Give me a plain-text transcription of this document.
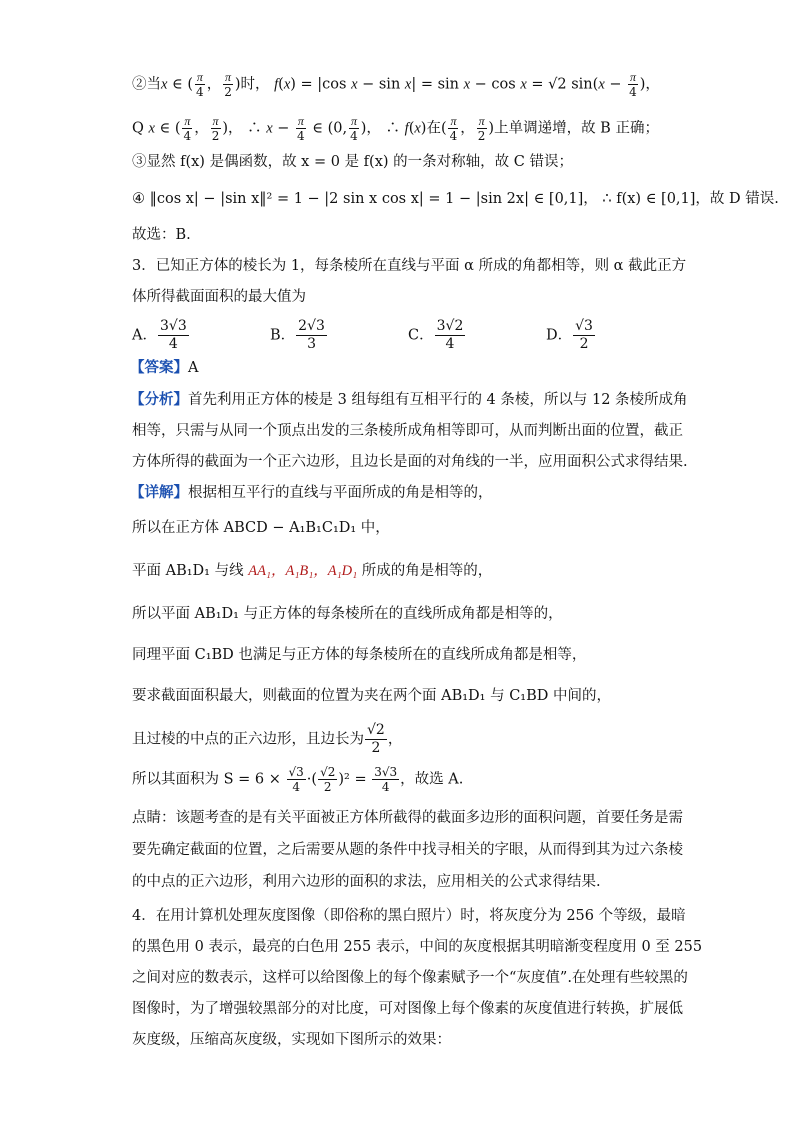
②当x ∈ ( $\frac{\pi}{4}$ ， $\frac{\pi}{2}$ )时， f(x) = |cos x − sin x| = sin x − cos x = √2 $\sin(x - \frac{\pi}{4}$ )，
Q x ∈ ( $\frac{\pi}{4}$ ， $\frac{\pi}{2}$ )， ∴ $x - \frac{\pi}{4}$ ∈ (0, $\frac{\pi}{4}$ )， ∴ f(x)在( $\frac{\pi}{4}$ ， $\frac{\pi}{2}$ )上单调递增，故 B 正确；
③显然 f(x) 是偶函数，故 x = 0 是 f(x) 的一条对称轴，故 C 错误；
④ ‖cos x| − |sin x‖² = 1 − |2 sin x cos x| = 1 − |sin 2x| ∈ [0,1]， ∴ f(x) ∈ [0,1]，故 D 错误.
故选：B.
3．已知正方体的棱长为 1，每条棱所在直线与平面 α 所成的角都相等，则 α 截此正方
体所得截面面积的最大值为
A． $\frac{3√3}{4}$	B． $\frac{2√3}{3}$	C． $\frac{3√2}{4}$	D． $\frac{√3}{2}$
【答案】A
【分析】首先利用正方体的棱是 3 组每组有互相平行的 4 条棱，所以与 12 条棱所成角
相等，只需与从同一个顶点出发的三条棱所成角相等即可，从而判断出面的位置，截正
方体所得的截面为一个正六边形，且边长是面的对角线的一半，应用面积公式求得结果.
【详解】根据相互平行的直线与平面所成的角是相等的，
所以在正方体 ABCD − A₁B₁C₁D₁ 中，
平面 AB₁D₁ 与线 AA₁，A₁B₁，A₁D₁ 所成的角是相等的，
所以平面 AB₁D₁ 与正方体的每条棱所在的直线所成角都是相等的，
同理平面 C₁BD 也满足与正方体的每条棱所在的直线所成角都是相等，
要求截面面积最大，则截面的位置为夹在两个面 AB₁D₁ 与 C₁BD 中间的，
且过棱的中点的正六边形，且边长为 $\frac{√2}{2}$ ，
所以其面积为 $S = 6 \times \frac{√3}{4}$ ·( $\frac{√2}{2} )^2 = \frac{3√3}{4}$ ，故选 A.
点睛：该题考查的是有关平面被正方体所截得的截面多边形的面积问题，首要任务是需
要先确定截面的位置，之后需要从题的条件中找寻相关的字眼，从而得到其为过六条棱
的中点的正六边形，利用六边形的面积的求法，应用相关的公式求得结果.
4．在用计算机处理灰度图像（即俗称的黑白照片）时，将灰度分为 256 个等级，最暗
的黑色用 0 表示，最亮的白色用 255 表示，中间的灰度根据其明暗渐变程度用 0 至 255
之间对应的数表示，这样可以给图像上的每个像素赋予一个“灰度值”.在处理有些较黑的
图像时，为了增强较黑部分的对比度，可对图像上每个像素的灰度值进行转换，扩展低
灰度级，压缩高灰度级，实现如下图所示的效果：
